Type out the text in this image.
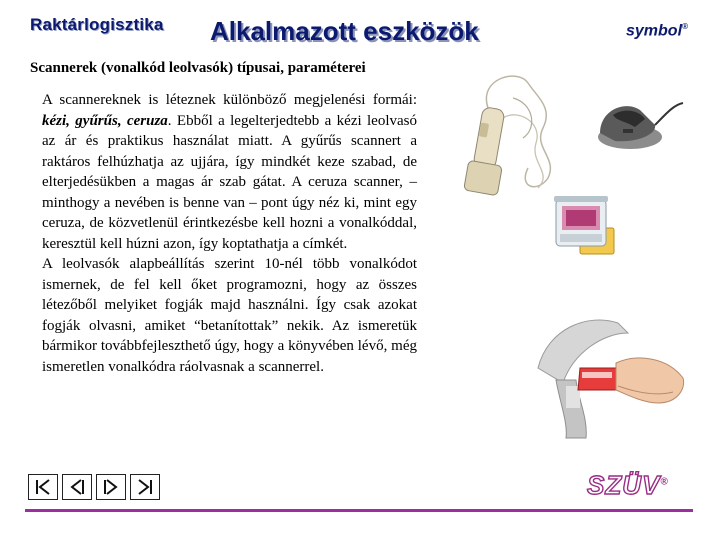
Raktárlogisztika Alkalmazott eszközök	symbol®
Scannerek (vonalkód leolvasók) típusai, paraméterei

A scannereknek is léteznek különböző megjelenési formái: kézi, gyűrűs, ceruza. Ebből a legelterjedtebb a kézi leolvasó az ár és praktikus használat miatt. A gyűrűs scannert a raktáros felhúzhatja az ujjára, így mindkét keze szabad, de elterjedésükben a magas ár szab gátat. A ceruza scanner, – minthogy a nevében is benne van – pont úgy néz ki, mint egy ceruza, de közvetlenül érintkezésbe kell hozni a vonalkóddal, keresztül kell húzni azon, így koptathatja a címkét.

A leolvasók alapbeállítás szerint 10-nél több vonalkódot ismernek, de fel kell őket programozni, hogy az összes létezőből melyiket fogják majd használni. Így csak azokat fogják olvasni, amiket “betanítottak” nekik. Az ismeretük bármikor továbbfejleszthető úgy, hogy a könyvében lévő, még ismeretlen vonalkódra ráolvasnak a scannerrel.

SZÜV®
